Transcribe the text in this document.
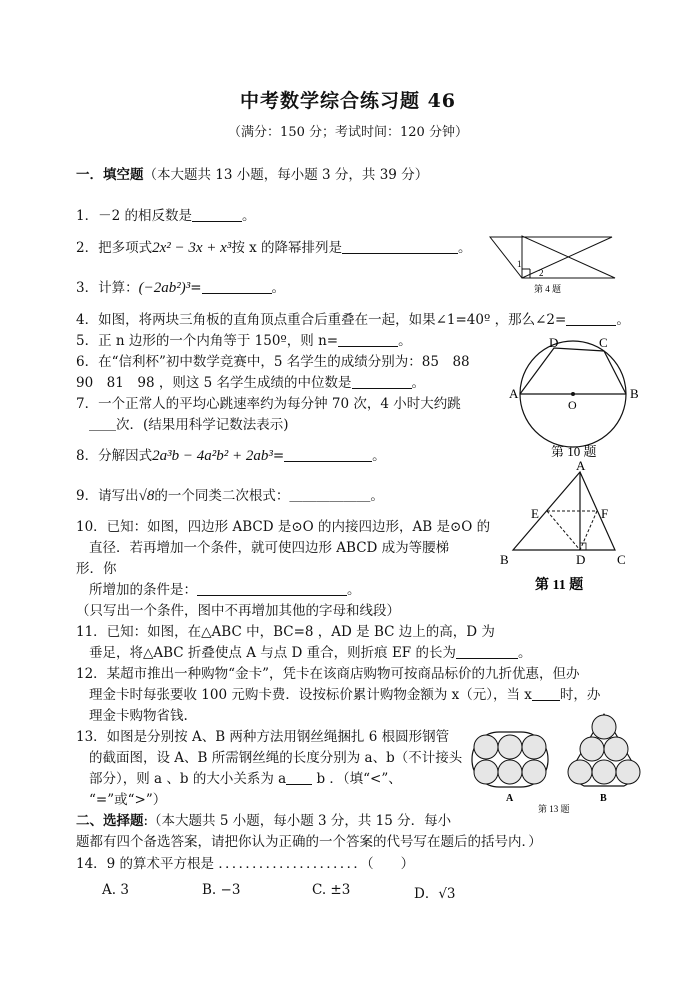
中考数学综合练习题 46
（满分：150 分；考试时间：120 分钟）
一．填空题（本大题共 13 小题，每小题 3 分，共 39 分）
1．－2 的相反数是	。
2．把多项式2x² − 3x + x³按 x 的降幂排列是	。
3．计算：(−2ab²)³=	。
4．如图，将两块三角板的直角顶点重合后重叠在一起，如果∠1=40º ，那么∠2=	。
5．正 n 边形的一个内角等于 150º，则 n=	。
6．在“信利杯”初中数学竞赛中，5 名学生的成绩分别为：85　88
90　81　98 ，则这 5 名学生成绩的中位数是	。
7．一个正常人的平均心跳速率约为每分钟 70 次，4 小时大约跳
＿＿次．(结果用科学记数法表示)
8．分解因式2a³b − 4a²b² + 2ab³=	。
9．请写出√8的一个同类二次根式：＿＿＿＿＿＿。
10．已知：如图，四边形 ABCD 是⊙O 的内接四边形，AB 是⊙O 的
直径．若再增加一个条件，就可使四边形 ABCD 成为等腰梯
形．你
所增加的条件是：	。
（只写出一个条件，图中不再增加其他的字母和线段）
11．已知：如图，在△ABC 中，BC=8 ，AD 是 BC 边上的高，D 为
垂足，将△ABC 折叠使点 A 与点 D 重合，则折痕 EF 的长为	。
12．某超市推出一种购物“金卡”，凭卡在该商店购物可按商品标价的九折优惠，但办
理金卡时每张要收 100 元购卡费．设按标价累计购物金额为 x（元），当 x 时，办
理金卡购物省钱.
13．如图是分别按 A、B 两种方法用钢丝绳捆扎 6 根圆形钢管
的截面图，设 A、B 所需钢丝绳的长度分别为 a、b（不计接头
部分），则 a 、b 的大小关系为 a b ．（填“<”、
“=”或“>”）
二、选择题:（本大题共 5 小题，每小题 3 分，共 15 分．每小
题都有四个备选答案，请把你认为正确的一个答案的代号写在题后的括号内．）
14．9 的算术平方根是 ．．．．．．．．．．．．．．．．．．．．．（　　）
A. 3	B. −3	C. ±3	D．√3
1
2
第 4 题
A	B
C
D
O
第 10 题
A
B	C
D
E	F
第 11 题
A	B
第 13 题
